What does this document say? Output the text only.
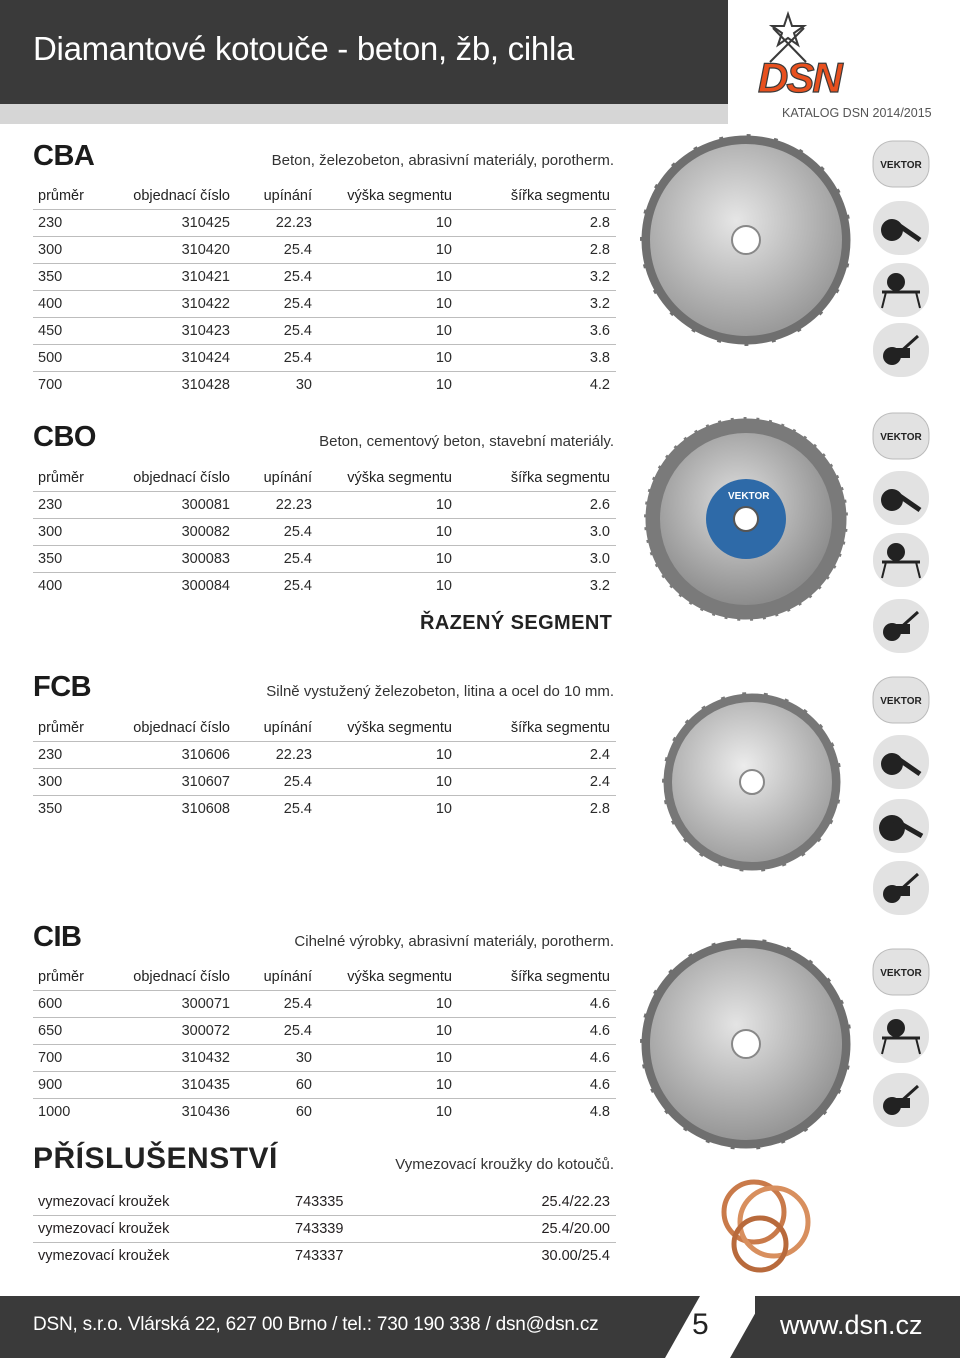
Diamantové kotouče - beton, žb, cihla
DSN
KATALOG DSN 2014/2015
CBA	Beton, železobeton, abrasivní materiály, porotherm.
průměr	objednací číslo	upínání	výška segmentu	šířka segmentu
230	310425	22.23	10	2.8
300	310420	25.4	10	2.8
350	310421	25.4	10	3.2
400	310422	25.4	10	3.2
450	310423	25.4	10	3.6
500	310424	25.4	10	3.8
700	310428	30	10	4.2
CBO	Beton, cementový beton, stavební materiály.
průměr	objednací číslo	upínání	výška segmentu	šířka segmentu
230	300081	22.23	10	2.6
300	300082	25.4	10	3.0
350	300083	25.4	10	3.0
400	300084	25.4	10	3.2
ŘAZENÝ SEGMENT
FCB	Silně vystužený železobeton, litina a ocel do 10 mm.
průměr	objednací číslo	upínání	výška segmentu	šířka segmentu
230	310606	22.23	10	2.4
300	310607	25.4	10	2.4
350	310608	25.4	10	2.8
CIB	Cihelné výrobky, abrasivní materiály, porotherm.
průměr	objednací číslo	upínání	výška segmentu	šířka segmentu
600	300071	25.4	10	4.6
650	300072	25.4	10	4.6
700	310432	30	10	4.6
900	310435	60	10	4.6
1000	310436	60	10	4.8
PŘÍSLUŠENSTVÍ	Vymezovací kroužky do kotoučů.
vymezovací kroužek	743335	25.4/22.23
vymezovací kroužek	743339	25.4/20.00
vymezovací kroužek	743337	30.00/25.4
VEKTOR
VEKTOR
VEKTOR
VEKTOR
VEKTOR
DSN, s.r.o. Vlárská 22, 627 00 Brno / tel.: 730 190 338 / dsn@dsn.cz	5	www.dsn.cz
